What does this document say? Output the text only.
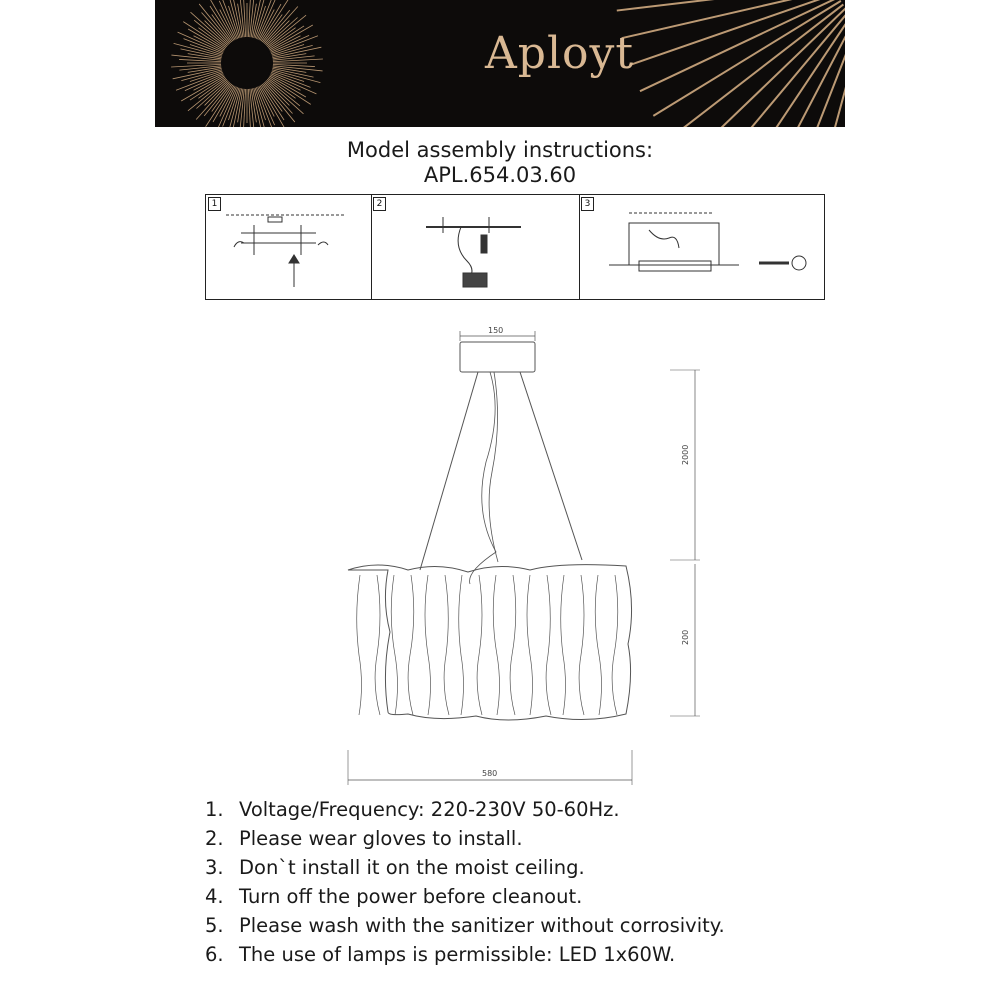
Aployt
Model assembly instructions:
APL.654.03.60
1	2	3
150
2000
200
580
1. Voltage/Frequency: 220-230V 50-60Hz.
2. Please wear gloves to install.
3. Don`t install it on the moist ceiling.
4. Turn off the power before cleanout.
5. Please wash with the sanitizer without corrosivity.
6. The use of lamps is permissible: LED 1x60W.
